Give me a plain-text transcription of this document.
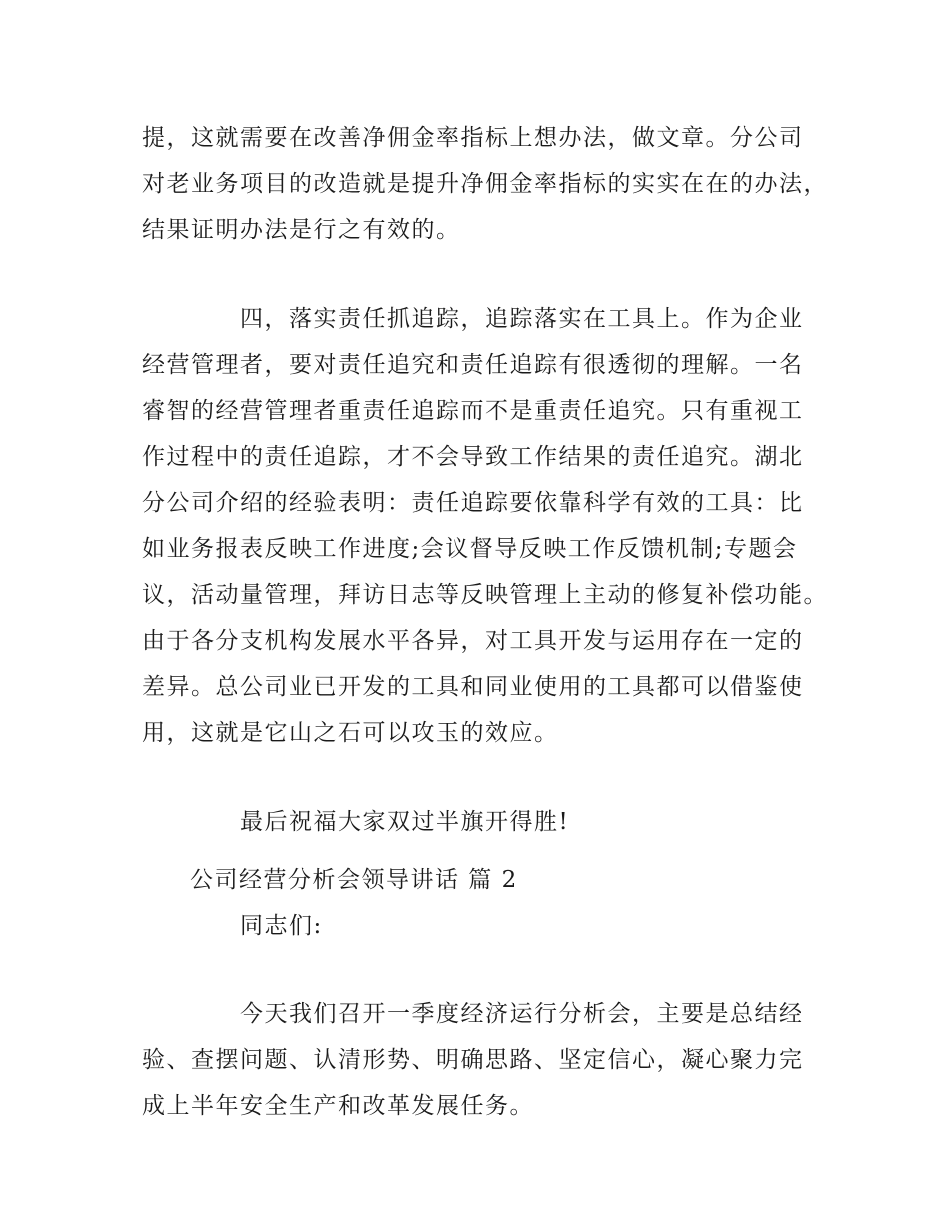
提，这就需要在改善净佣金率指标上想办法，做文章。分公司
对老业务项目的改造就是提升净佣金率指标的实实在在的办法，
结果证明办法是行之有效的。
四，落实责任抓追踪，追踪落实在工具上。作为企业
经营管理者，要对责任追究和责任追踪有很透彻的理解。一名
睿智的经营管理者重责任追踪而不是重责任追究。只有重视工
作过程中的责任追踪，才不会导致工作结果的责任追究。湖北
分公司介绍的经验表明：责任追踪要依靠科学有效的工具：比
如业务报表反映工作进度;会议督导反映工作反馈机制;专题会
议，活动量管理，拜访日志等反映管理上主动的修复补偿功能。
由于各分支机构发展水平各异，对工具开发与运用存在一定的
差异。总公司业已开发的工具和同业使用的工具都可以借鉴使
用，这就是它山之石可以攻玉的效应。
最后祝福大家双过半旗开得胜!
公司经营分析会领导讲话 篇 2
同志们:
今天我们召开一季度经济运行分析会，主要是总结经
验、查摆问题、认清形势、明确思路、坚定信心，凝心聚力完
成上半年安全生产和改革发展任务。
